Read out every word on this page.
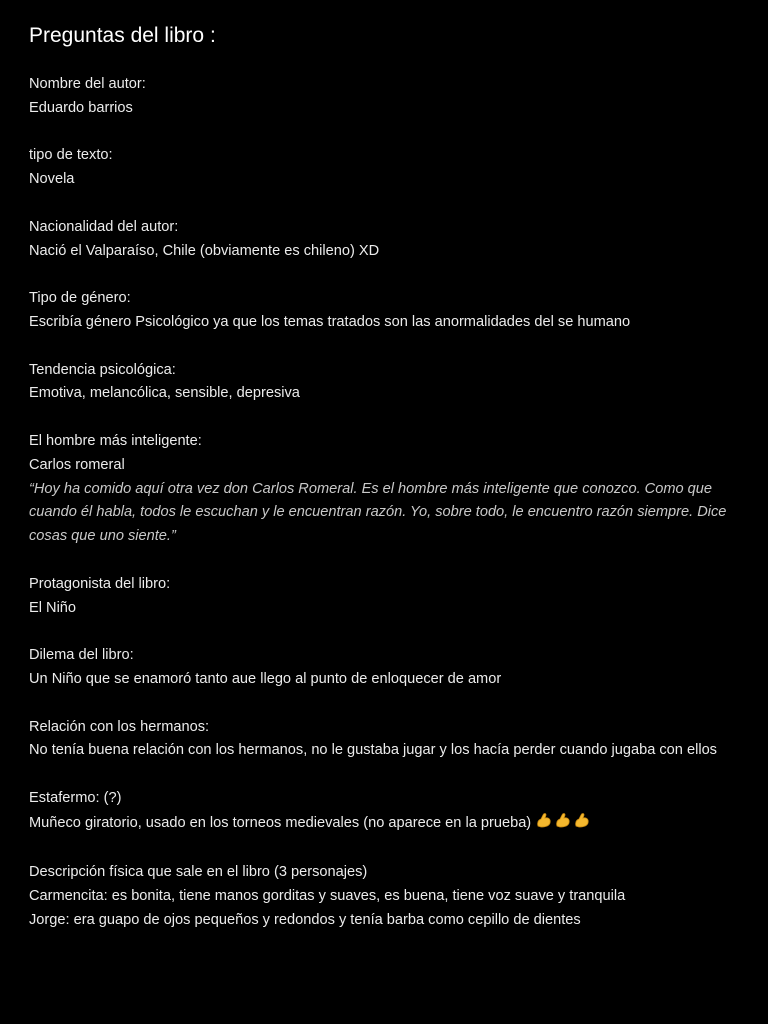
Preguntas del libro :
Nombre del autor:
Eduardo barrios
tipo de texto:
Novela
Nacionalidad del autor:
Nació el Valparaíso, Chile (obviamente es chileno) XD
Tipo de género:
Escribía género Psicológico ya que los temas tratados son las anormalidades del se humano
Tendencia psicológica:
Emotiva, melancólica, sensible, depresiva
El hombre más inteligente:
Carlos romeral
“Hoy ha comido aquí otra vez don Carlos Romeral. Es el hombre más inteligente que conozco. Como que cuando él habla, todos le escuchan y le encuentran razón. Yo, sobre todo, le encuentro razón siempre. Dice cosas que uno siente.”
Protagonista del libro:
El Niño
Dilema del libro:
Un Niño que se enamoró tanto aue llego al punto de enloquecer de amor
Relación con los hermanos:
No tenía buena relación con los hermanos, no le gustaba jugar y los hacía perder cuando jugaba con ellos
Estafermo: (?)
Muñeco giratorio, usado en los torneos medievales (no aparece en la prueba)
Descripción física que sale en el libro (3 personajes)
Carmencita: es bonita, tiene manos gorditas y suaves, es buena, tiene voz suave y tranquila
Jorge: era guapo de ojos pequeños y redondos y tenía barba como cepillo de dientes
